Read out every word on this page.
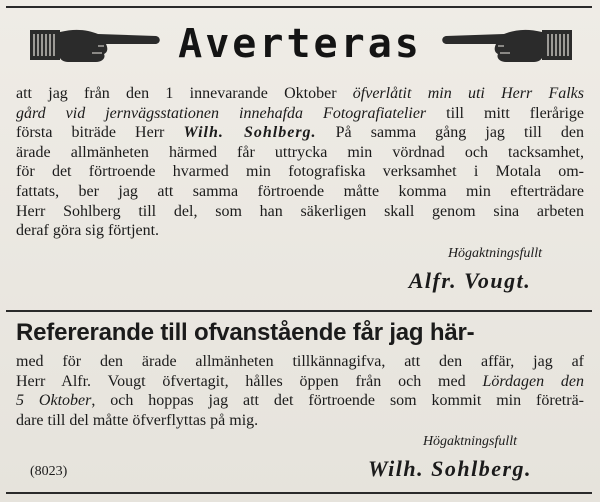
Averteras
att jag från den 1 innevarande Oktober öfverlåtit min uti Herr Falks
gård vid jernvägsstationen innehafda Fotografiatelier till mitt flerårige
första biträde Herr Wilh. Sohlberg. På samma gång jag till den
ärade allmänheten härmed får uttrycka min vördnad och tacksamhet,
för det förtroende hvarmed min fotografiska verksamhet i Motala om-
fattats, ber jag att samma förtroende måtte komma min efterträdare
Herr Sohlberg till del, som han säkerligen skall genom sina arbeten
deraf göra sig förtjent.
Högaktningsfullt
Alfr. Vougt.
Refererande till ofvanstående får jag här-
med för den ärade allmänheten tillkännagifva, att den affär, jag af
Herr Alfr. Vougt öfvertagit, hålles öppen från och med Lördagen den
5 Oktober, och hoppas jag att det förtroende som kommit min företrä-
dare till del måtte öfverflyttas på mig.
(8023)
Högaktningsfullt
Wilh. Sohlberg.
